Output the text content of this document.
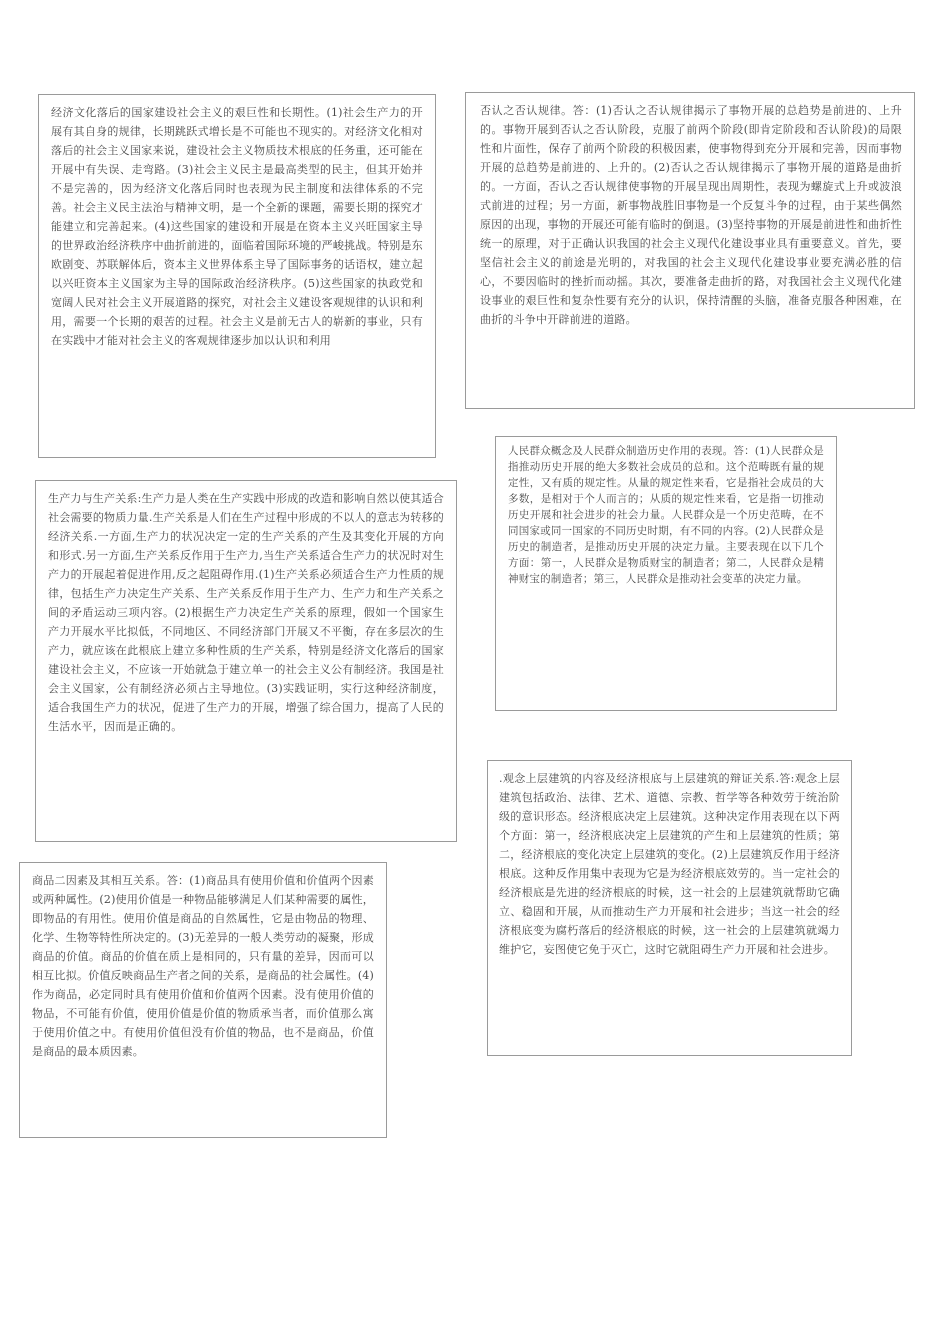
经济文化落后的国家建设社会主义的艰巨性和长期性。(1)社会生产力的开展有其自身的规律，长期跳跃式增长是不可能也不现实的。对经济文化相对落后的社会主义国家来说，建设社会主义物质技术根底的任务重，还可能在开展中有失误、走弯路。(3)社会主义民主是最高类型的民主，但其开始并不是完善的，因为经济文化落后同时也表现为民主制度和法律体系的不完善。社会主义民主法治与精神文明，是一个全新的课题，需要长期的探究才能建立和完善起来。(4)这些国家的建设和开展是在资本主义兴旺国家主导的世界政治经济秩序中曲折前进的，面临着国际环境的严峻挑战。特别是东欧剧变、苏联解体后，资本主义世界体系主导了国际事务的话语权，建立起以兴旺资本主义国家为主导的国际政治经济秩序。(5)这些国家的执政党和宽阔人民对社会主义开展道路的探究，对社会主义建设客观规律的认识和利用，需要一个长期的艰苦的过程。社会主义是前无古人的崭新的事业，只有在实践中才能对社会主义的客观规律逐步加以认识和利用

否认之否认规律。答：(1)否认之否认规律揭示了事物开展的总趋势是前进的、上升的。事物开展到否认之否认阶段，克服了前两个阶段(即肯定阶段和否认阶段)的局限性和片面性，保存了前两个阶段的积极因素，使事物得到充分开展和完善，因而事物开展的总趋势是前进的、上升的。(2)否认之否认规律揭示了事物开展的道路是曲折的。一方面，否认之否认规律使事物的开展呈现出周期性，表现为螺旋式上升或波浪式前进的过程；另一方面，新事物战胜旧事物是一个反复斗争的过程，由于某些偶然原因的出现，事物的开展还可能有临时的倒退。(3)坚持事物的开展是前进性和曲折性统一的原理，对于正确认识我国的社会主义现代化建设事业具有重要意义。首先，要坚信社会主义的前途是光明的，对我国的社会主义现代化建设事业要充满必胜的信心，不要因临时的挫折而动摇。其次，要准备走曲折的路，对我国社会主义现代化建设事业的艰巨性和复杂性要有充分的认识，保持清醒的头脑，准备克服各种困难，在曲折的斗争中开辟前进的道路。

人民群众概念及人民群众制造历史作用的表现。答：(1)人民群众是指推动历史开展的绝大多数社会成员的总和。这个范畴既有量的规定性，又有质的规定性。从量的规定性来看，它是指社会成员的大多数，是相对于个人而言的；从质的规定性来看，它是指一切推动历史开展和社会进步的社会力量。人民群众是一个历史范畴，在不同国家或同一国家的不同历史时期，有不同的内容。(2)人民群众是历史的制造者，是推动历史开展的决定力量。主要表现在以下几个方面：第一，人民群众是物质财宝的制造者；第二，人民群众是精神财宝的制造者；第三，人民群众是推动社会变革的决定力量。

生产力与生产关系:生产力是人类在生产实践中形成的改造和影响自然以使其适合社会需要的物质力量.生产关系是人们在生产过程中形成的不以人的意志为转移的经济关系.一方面,生产力的状况决定一定的生产关系的产生及其变化开展的方向和形式.另一方面,生产关系反作用于生产力,当生产关系适合生产力的状况时对生产力的开展起着促进作用,反之起阻碍作用.(1)生产关系必须适合生产力性质的规律，包括生产力决定生产关系、生产关系反作用于生产力、生产力和生产关系之间的矛盾运动三项内容。(2)根据生产力决定生产关系的原理，假如一个国家生产力开展水平比拟低，不同地区、不同经济部门开展又不平衡，存在多层次的生产力，就应该在此根底上建立多种性质的生产关系，特别是经济文化落后的国家建设社会主义，不应该一开始就急于建立单一的社会主义公有制经济。我国是社会主义国家，公有制经济必须占主导地位。(3)实践证明，实行这种经济制度，适合我国生产力的状况，促进了生产力的开展，增强了综合国力，提高了人民的生活水平，因而是正确的。

.观念上层建筑的内容及经济根底与上层建筑的辩证关系.答:观念上层建筑包括政治、法律、艺术、道德、宗教、哲学等各种效劳于统治阶级的意识形态。经济根底决定上层建筑。这种决定作用表现在以下两个方面：第一，经济根底决定上层建筑的产生和上层建筑的性质；第二，经济根底的变化决定上层建筑的变化。(2)上层建筑反作用于经济根底。这种反作用集中表现为它是为经济根底效劳的。当一定社会的经济根底是先进的经济根底的时候，这一社会的上层建筑就帮助它确立、稳固和开展，从而推动生产力开展和社会进步；当这一社会的经济根底变为腐朽落后的经济根底的时候，这一社会的上层建筑就竭力维护它，妄图使它免于灭亡，这时它就阻碍生产力开展和社会进步。

商品二因素及其相互关系。答：(1)商品具有使用价值和价值两个因素或两种属性。(2)使用价值是一种物品能够满足人们某种需要的属性，即物品的有用性。使用价值是商品的自然属性，它是由物品的物理、化学、生物等特性所决定的。(3)无差异的一般人类劳动的凝聚，形成商品的价值。商品的价值在质上是相同的，只有量的差异，因而可以相互比拟。价值反映商品生产者之间的关系，是商品的社会属性。(4)作为商品，必定同时具有使用价值和价值两个因素。没有使用价值的物品，不可能有价值，使用价值是价值的物质承当者，而价值那么寓于使用价值之中。有使用价值但没有价值的物品，也不是商品，价值是商品的最本质因素。
